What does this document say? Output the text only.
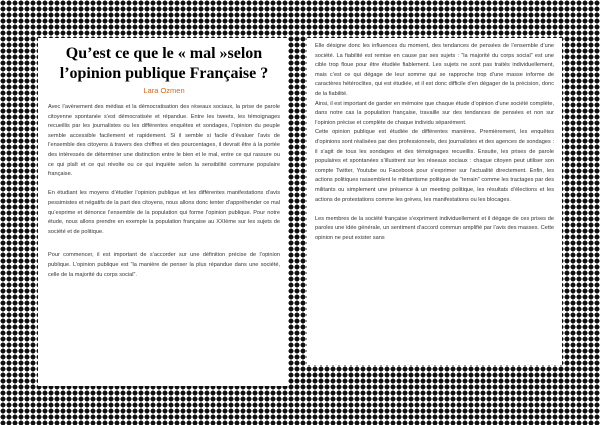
Qu’est ce que le « mal »selon
l’opinion publique Française ?
Lara Ozmen

Avec l’avènement des médias et la démocratisation des réseaux sociaux, la prise de parole citoyenne spontanée s’est démocratisée et répandue. Entre les tweets, les témoignages recueillis par les journalistes ou les différentes enquêtes et sondages, l’opinion du peuple semble accessible facilement et rapidement. Si il semble si facile d’évaluer l’avis de l’ensemble des citoyens à travers des chiffres et des pourcentages, il devrait être à la portée des intéressés de déterminer une distinction entre le bien et le mal, entre ce qui rassure ou ce qui plaît et ce qui révolte ou ce qui inquiète selon la sensibilité commune populaire française.

En étudiant les moyens d’étudier l’opinion publique et les différentes manifestations d’avis pessimistes et négatifs de la part des citoyens, nous allons donc tenter d’appréhender ce mal qu’exprime et dénonce l’ensemble de la population qui forme l’opinion publique. Pour notre étude, nous allons prendre en exemple la population française au XXIème sur les sujets de société et de politique.

Pour commencer, il est important de s’accorder sur une définition précise de l’opinion publique. L’opinion publique est “la manière de penser la plus répandue dans une société, celle de la majorité du corps social”.

Elle désigne donc les influences du moment, des tendances de pensées de l’ensemble d’une société. La fiabilité est remise en cause par ses sujets : “la majorité du corps social” est une cible trop floue pour être étudiée fiablement. Les sujets ne sont pas traités individuellement, mais c’est ce qui dégage de leur somme qui se rapproche trop d’une masse informe de caractères hétéroclites, qui est étudiée, et il est donc difficile d’en dégager de la précision, donc de la fiabilité.

Ainsi, il est important de garder en mémoire que chaque étude d’opinion d’une société complète, dans notre cas la population française, travaille sur des tendances de pensées et non sur l’opinion précise et complète de chaque individu séparément.

Cette opinion publique est étudiée de différentes manières. Premièrement, les enquêtes d’opinions sont réalisées par des professionnels, des journalistes et des agences de sondages : il s’agit de tous les sondages et des témoignages recueillis. Ensuite, les prises de parole populaires et spontanées s’illustrent sur les réseaux sociaux : chaque citoyen peut utiliser son compte Twitter, Youtube ou Facebook pour s’exprimer sur l’actualité directement. Enfin, les actions politiques rassemblent le militantisme politique de “terrain” comme les tractages par des militants ou simplement une présence à un meeting politique, les résultats d’élections et les actions de protestations comme les grèves, les manifestations ou les blocages.

Les membres de la société française s’expriment individuellement et il dégage de ces prises de paroles une idée générale, un sentiment d’accord commun amplifié par l’avis des masses. Cette opinion ne peut exister sans
